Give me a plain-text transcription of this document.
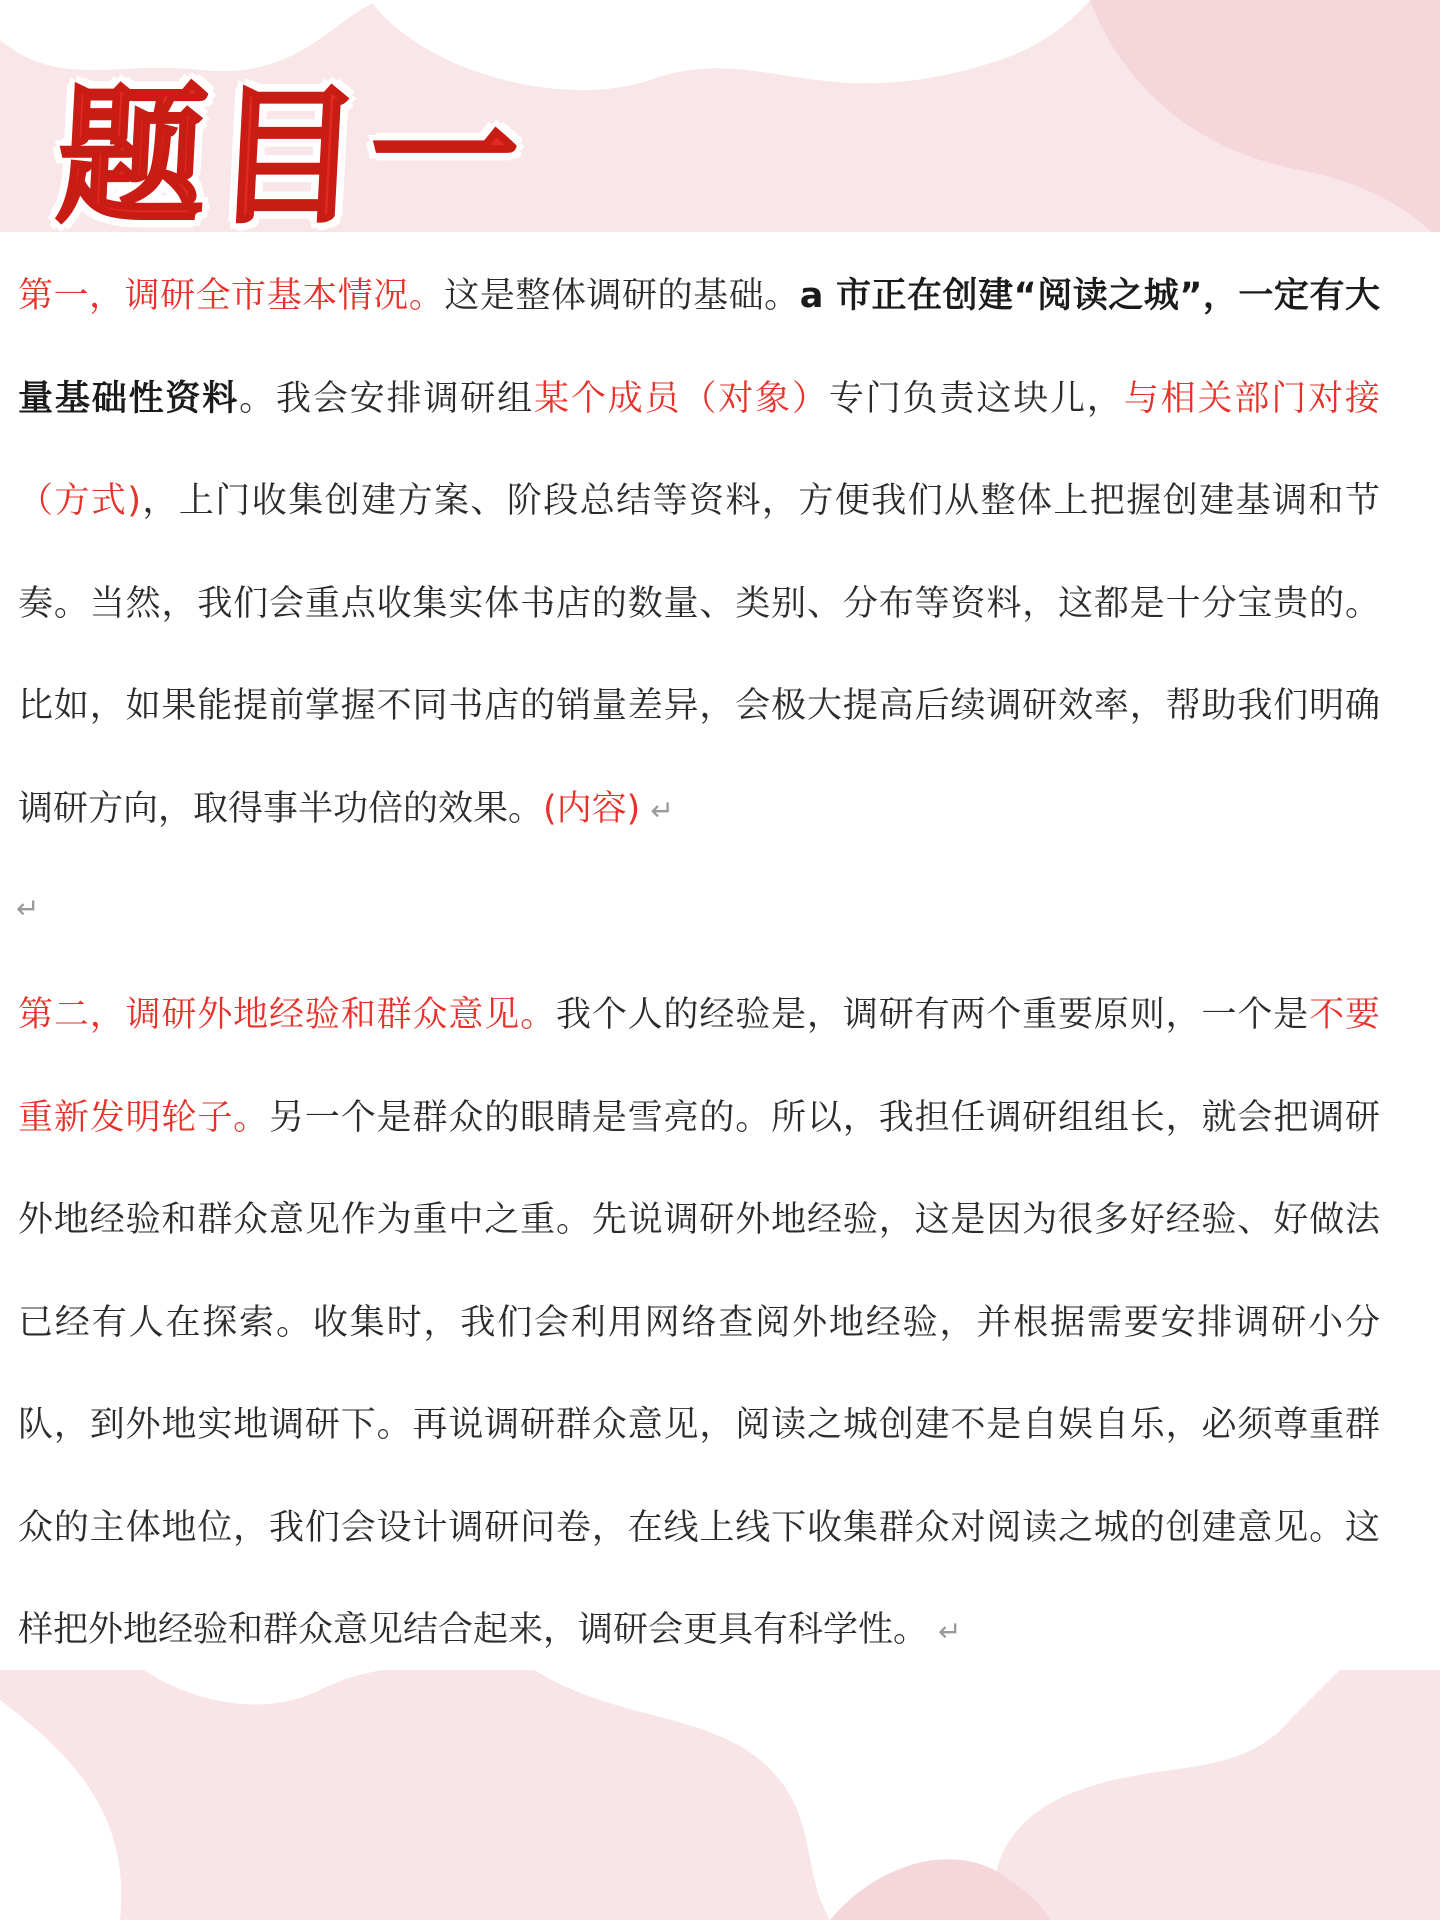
题目一

第一，调研全市基本情况。这是整体调研的基础。a 市正在创建“阅读之城”，一定有大量基础性资料。我会安排调研组某个成员（对象）专门负责这块儿，与相关部门对接（方式)，上门收集创建方案、阶段总结等资料，方便我们从整体上把握创建基调和节奏。当然，我们会重点收集实体书店的数量、类别、分布等资料，这都是十分宝贵的。比如，如果能提前掌握不同书店的销量差异，会极大提高后续调研效率，帮助我们明确调研方向，取得事半功倍的效果。(内容) ↵

↵

第二，调研外地经验和群众意见。我个人的经验是，调研有两个重要原则，一个是不要重新发明轮子。另一个是群众的眼睛是雪亮的。所以，我担任调研组组长，就会把调研外地经验和群众意见作为重中之重。先说调研外地经验，这是因为很多好经验、好做法已经有人在探索。收集时，我们会利用网络查阅外地经验，并根据需要安排调研小分队，到外地实地调研下。再说调研群众意见，阅读之城创建不是自娱自乐，必须尊重群众的主体地位，我们会设计调研问卷，在线上线下收集群众对阅读之城的创建意见。这样把外地经验和群众意见结合起来，调研会更具有科学性。 ↵
